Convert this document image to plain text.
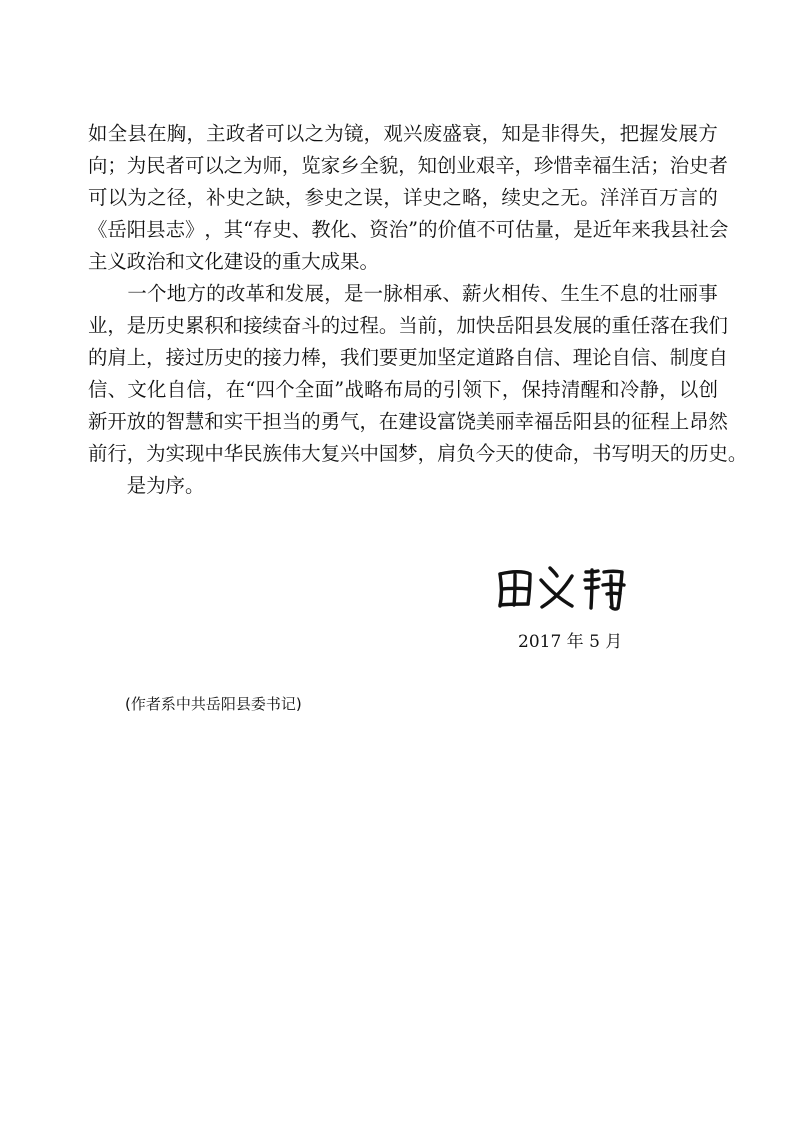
如 全 县 在 胸 ， 主 政 者 可 以 之 为 镜 ， 观 兴 废 盛 衰 ， 知 是 非 得 失 ， 把 握 发 展 方
向 ； 为 民 者 可 以 之 为 师 ， 览 家 乡 全 貌 ， 知 创 业 艰 辛 ， 珍 惜 幸 福 生 活 ； 治 史 者
可 以 为 之 径 ， 补 史 之 缺 ， 参 史 之 误 ， 详 史 之 略 ， 续 史 之 无 。 洋 洋 百 万 言 的
《 岳 阳 县 志 》 ， 其 “ 存 史 、 教 化 、 资 治 ” 的 价 值 不 可 估 量 ， 是 近 年 来 我 县 社 会
主义政治和文化建设的重大成果。

一 个 地 方 的 改 革 和 发 展 ， 是 一 脉 相 承 、 薪 火 相 传 、 生 生 不 息 的 壮 丽 事
业 ， 是 历 史 累 积 和 接 续 奋 斗 的 过 程 。 当 前 ， 加 快 岳 阳 县 发 展 的 重 任 落 在 我 们
的 肩 上 ， 接 过 历 史 的 接 力 棒 ， 我 们 要 更 加 坚 定 道 路 自 信 、 理 论 自 信 、 制 度 自
信 、 文 化 自 信 ， 在 “ 四 个 全 面 ” 战 略 布 局 的 引 领 下 ， 保 持 清 醒 和 冷 静 ， 以 创
新 开 放 的 智 慧 和 实 干 担 当 的 勇 气 ， 在 建 设 富 饶 美 丽 幸 福 岳 阳 县 的 征 程 上 昂 然
前 行 ， 为 实 现 中 华 民 族 伟 大 复 兴 中 国 梦 ， 肩 负 今 天 的 使 命 ， 书 写 明 天 的 历 史 。
　　是为序。
2017 年 5 月
(作者系中共岳阳县委书记)
